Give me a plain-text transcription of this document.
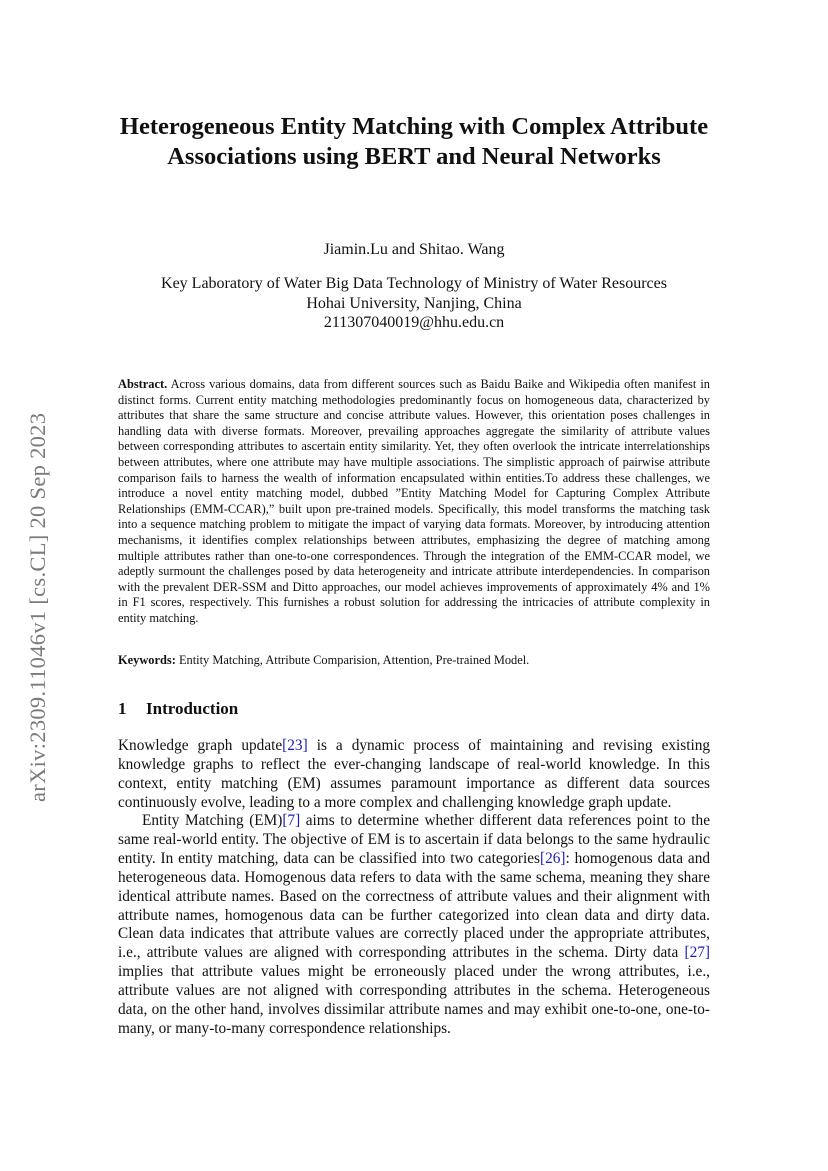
arXiv:2309.11046v1 [cs.CL] 20 Sep 2023
Heterogeneous Entity Matching with Complex Attribute Associations using BERT and Neural Networks
Jiamin.Lu and Shitao. Wang
Key Laboratory of Water Big Data Technology of Ministry of Water Resources
Hohai University, Nanjing, China
211307040019@hhu.edu.cn

Abstract. Across various domains, data from different sources such as Baidu Baike and Wikipedia often manifest in distinct forms. Current entity matching methodologies predominantly focus on homogeneous data, characterized by attributes that share the same structure and concise attribute values. However, this orientation poses challenges in handling data with diverse formats. Moreover, prevailing approaches aggregate the similarity of attribute values between corresponding attributes to ascertain entity similarity. Yet, they often overlook the intricate interrelationships between attributes, where one attribute may have multiple associations. The simplistic approach of pairwise attribute comparison fails to harness the wealth of information encapsulated within entities.To address these challenges, we introduce a novel entity matching model, dubbed ”Entity Matching Model for Capturing Complex Attribute Relationships (EMM-CCAR),” built upon pre-trained models. Specifically, this model transforms the matching task into a sequence matching problem to mitigate the impact of varying data formats. Moreover, by introducing attention mechanisms, it identifies complex relationships between attributes, emphasizing the degree of matching among multiple attributes rather than one-to-one correspondences. Through the integration of the EMM-CCAR model, we adeptly surmount the challenges posed by data heterogeneity and intricate attribute interdependencies. In comparison with the prevalent DER-SSM and Ditto approaches, our model achieves improvements of approximately 4% and 1% in F1 scores, respectively. This furnishes a robust solution for addressing the intricacies of attribute complexity in entity matching.

Keywords: Entity Matching, Attribute Comparision, Attention, Pre-trained Model.

1 Introduction

Knowledge graph update[23] is a dynamic process of maintaining and revising existing knowledge graphs to reflect the ever-changing landscape of real-world knowledge. In this context, entity matching (EM) assumes paramount importance as different data sources continuously evolve, leading to a more complex and challenging knowledge graph update.

Entity Matching (EM)[7] aims to determine whether different data references point to the same real-world entity. The objective of EM is to ascertain if data belongs to the same hydraulic entity. In entity matching, data can be classified into two categories[26]: homogenous data and heterogeneous data. Homogenous data refers to data with the same schema, meaning they share identical attribute names. Based on the correctness of attribute values and their alignment with attribute names, homogenous data can be further categorized into clean data and dirty data. Clean data indicates that attribute values are correctly placed under the appropriate attributes, i.e., attribute values are aligned with corresponding attributes in the schema. Dirty data [27] implies that attribute values might be erroneously placed under the wrong attributes, i.e., attribute values are not aligned with corresponding attributes in the schema. Heterogeneous data, on the other hand, involves dissimilar attribute names and may exhibit one-to-one, one-to-many, or many-to-many correspondence relationships.
